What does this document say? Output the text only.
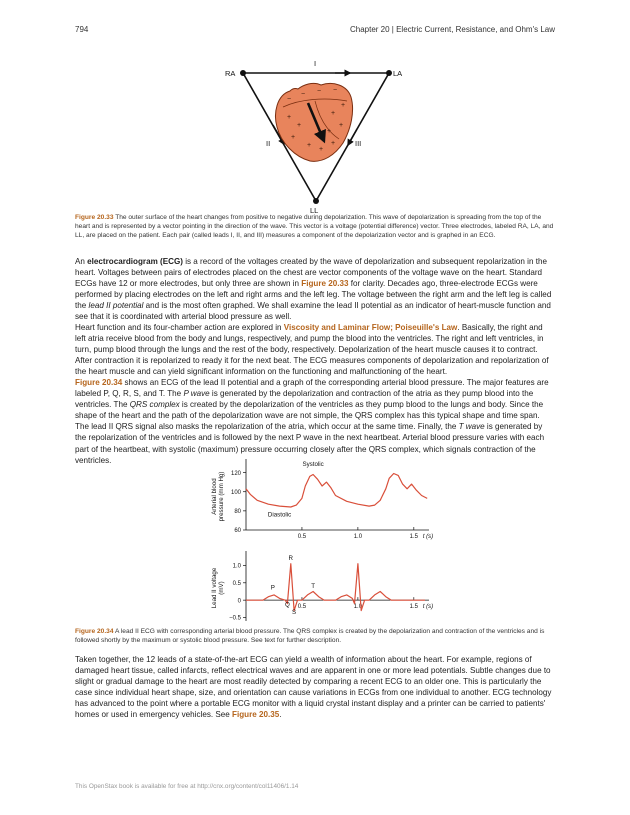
794	Chapter 20 | Electric Current, Resistance, and Ohm's Law
−
− − −
+
+
+
+
+
+
+
+
+
+
RA	LA
LL
I
II	III
Figure 20.33 The outer surface of the heart changes from positive to negative during depolarization. This wave of depolarization is spreading from the top of the heart and is represented by a vector pointing in the direction of the wave. This vector is a voltage (potential difference) vector. Three electrodes, labeled RA, LA, and LL, are placed on the patient. Each pair (called leads I, II, and III) measures a component of the depolarization vector and is graphed in an ECG.
An electrocardiogram (ECG) is a record of the voltages created by the wave of depolarization and subsequent repolarization in the heart. Voltages between pairs of electrodes placed on the chest are vector components of the voltage wave on the heart. Standard ECGs have 12 or more electrodes, but only three are shown in Figure 20.33 for clarity. Decades ago, three-electrode ECGs were performed by placing electrodes on the left and right arms and the left leg. The voltage between the right arm and the left leg is called the lead II potential and is the most often graphed. We shall examine the lead II potential as an indicator of heart-muscle function and see that it is coordinated with arterial blood pressure as well.
Heart function and its four-chamber action are explored in Viscosity and Laminar Flow; Poiseuille's Law. Basically, the right and left atria receive blood from the body and lungs, respectively, and pump the blood into the ventricles. The right and left ventricles, in turn, pump blood through the lungs and the rest of the body, respectively. Depolarization of the heart muscle causes it to contract. After contraction it is repolarized to ready it for the next beat. The ECG measures components of depolarization and repolarization of the heart muscle and can yield significant information on the functioning and malfunctioning of the heart.
Figure 20.34 shows an ECG of the lead II potential and a graph of the corresponding arterial blood pressure. The major features are labeled P, Q, R, S, and T. The P wave is generated by the depolarization and contraction of the atria as they pump blood into the ventricles. The QRS complex is created by the depolarization of the ventricles as they pump blood to the lungs and body. Since the shape of the heart and the path of the depolarization wave are not simple, the QRS complex has this typical shape and time span. The lead II QRS signal also masks the repolarization of the atria, which occur at the same time. Finally, the T wave is generated by the repolarization of the ventricles and is followed by the next P wave in the next heartbeat. Arterial blood pressure varies with each part of the heartbeat, with systolic (maximum) pressure occurring closely after the QRS complex, which signals contraction of the ventricles.
60
80
100
120
0.5	1.0	1.5 t (s)
Arterial bloodpressure (mm Hg)
Systolic
Diastolic
−0.5
0
0.5
1.0
0.5	1.0	1.5 t (s)
Lead II voltage(mV)	P
Q
R
S
T
Figure 20.34 A lead II ECG with corresponding arterial blood pressure. The QRS complex is created by the depolarization and contraction of the ventricles and is followed shortly by the maximum or systolic blood pressure. See text for further description.
Taken together, the 12 leads of a state-of-the-art ECG can yield a wealth of information about the heart. For example, regions of damaged heart tissue, called infarcts, reflect electrical waves and are apparent in one or more lead potentials. Subtle changes due to slight or gradual damage to the heart are most readily detected by comparing a recent ECG to an older one. This is particularly the case since individual heart shape, size, and orientation can cause variations in ECGs from one individual to another. ECG technology has advanced to the point where a portable ECG monitor with a liquid crystal instant display and a printer can be carried to patients' homes or used in emergency vehicles. See Figure 20.35.
This OpenStax book is available for free at http://cnx.org/content/col11406/1.14
